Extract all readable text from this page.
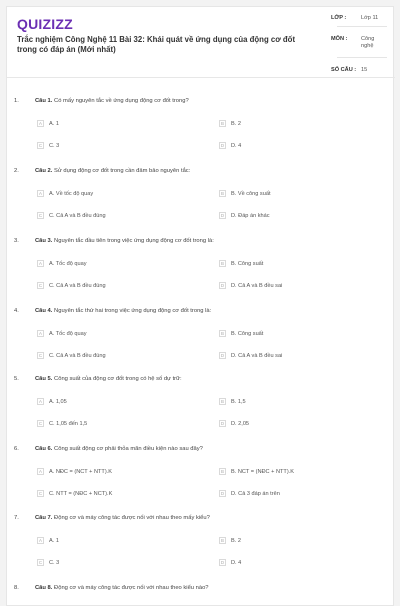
QUIZIZZ
Trắc nghiệm Công Nghệ 11 Bài 32: Khái quát về ứng dụng của động cơ đốt trong có đáp án (Mới nhất)
LỚP :	Lớp 11
MÔN : Công nghệ
SỐ CÂU : 15
1.	Câu 1. Có mấy nguyên tắc về ứng dụng động cơ đốt trong?
A	A. 1	B	B. 2
C	C. 3	D	D. 4
2.	Câu 2. Sử dụng động cơ đốt trong cần đảm bảo nguyên tắc:
A	A. Về tốc độ quay	B	B. Về công suất
C	C. Cả A và B đều đúng	D	D. Đáp án khác
3.	Câu 3. Nguyên tắc đầu tiên trong việc ứng dụng động cơ đốt trong là:
A	A. Tốc độ quay	B	B. Công suất
C	C. Cả A và B đều đúng	D	D. Cả A và B đều sai
4.	Câu 4. Nguyên tắc thứ hai trong việc ứng dụng động cơ đốt trong là:
A	A. Tốc độ quay	B	B. Công suất
C	C. Cả A và B đều đúng	D	D. Cả A và B đều sai
5.	Câu 5. Công suất của động cơ đốt trong có hệ số dự trữ:
A	A. 1,05	B	B. 1,5
C	C. 1,05 đến 1,5	D	D. 2,05
6.	Câu 6. Công suất động cơ phải thỏa mãn điều kiện nào sau đây?
A	A. NĐC = (NCT + NTT).K	B	B. NCT = (NĐC + NTT).K
C	C. NTT = (NĐC + NCT).K	D	D. Cả 3 đáp án trên
7.	Câu 7. Động cơ và máy công tác được nối với nhau theo mấy kiểu?
A	A. 1	B	B. 2
C	C. 3	D	D. 4
8.	Câu 8. Động cơ và máy công tác được nối với nhau theo kiểu nào?
